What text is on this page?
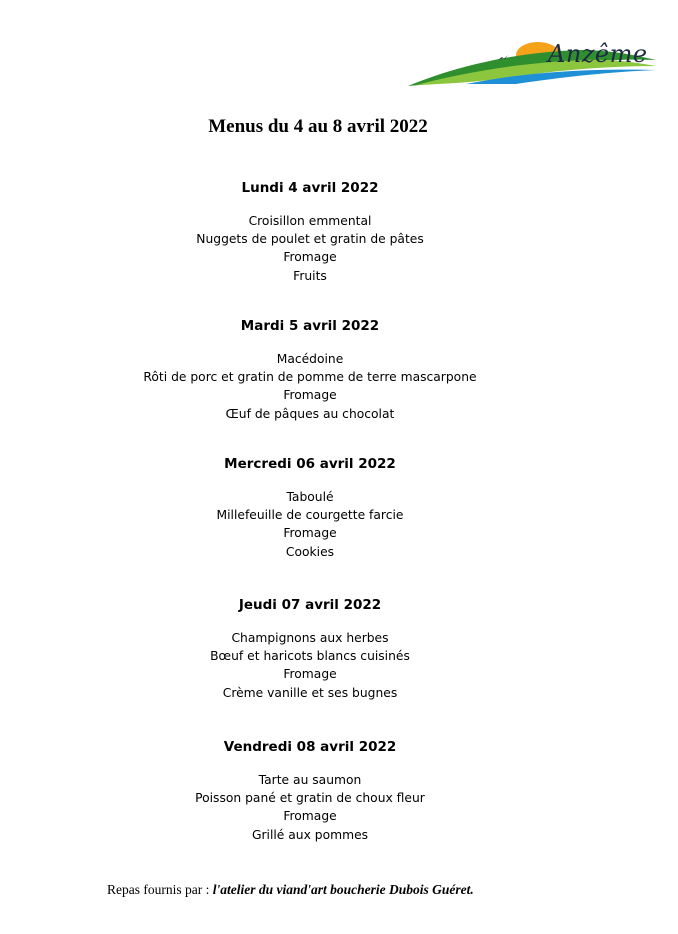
Anzême
Menus du 4 au 8 avril 2022
Lundi 4 avril 2022
Croisillon emmental
Nuggets de poulet et gratin de pâtes
Fromage
Fruits
Mardi 5 avril 2022
Macédoine
Rôti de porc et gratin de pomme de terre mascarpone
Fromage
Œuf de pâques au chocolat
Mercredi 06 avril 2022
Taboulé
Millefeuille de courgette farcie
Fromage
Cookies
Jeudi 07 avril 2022
Champignons aux herbes
Bœuf et haricots blancs cuisinés
Fromage
Crème vanille et ses bugnes
Vendredi 08 avril 2022
Tarte au saumon
Poisson pané et gratin de choux fleur
Fromage
Grillé aux pommes
Repas fournis par : l'atelier du viand'art boucherie Dubois Guéret.
